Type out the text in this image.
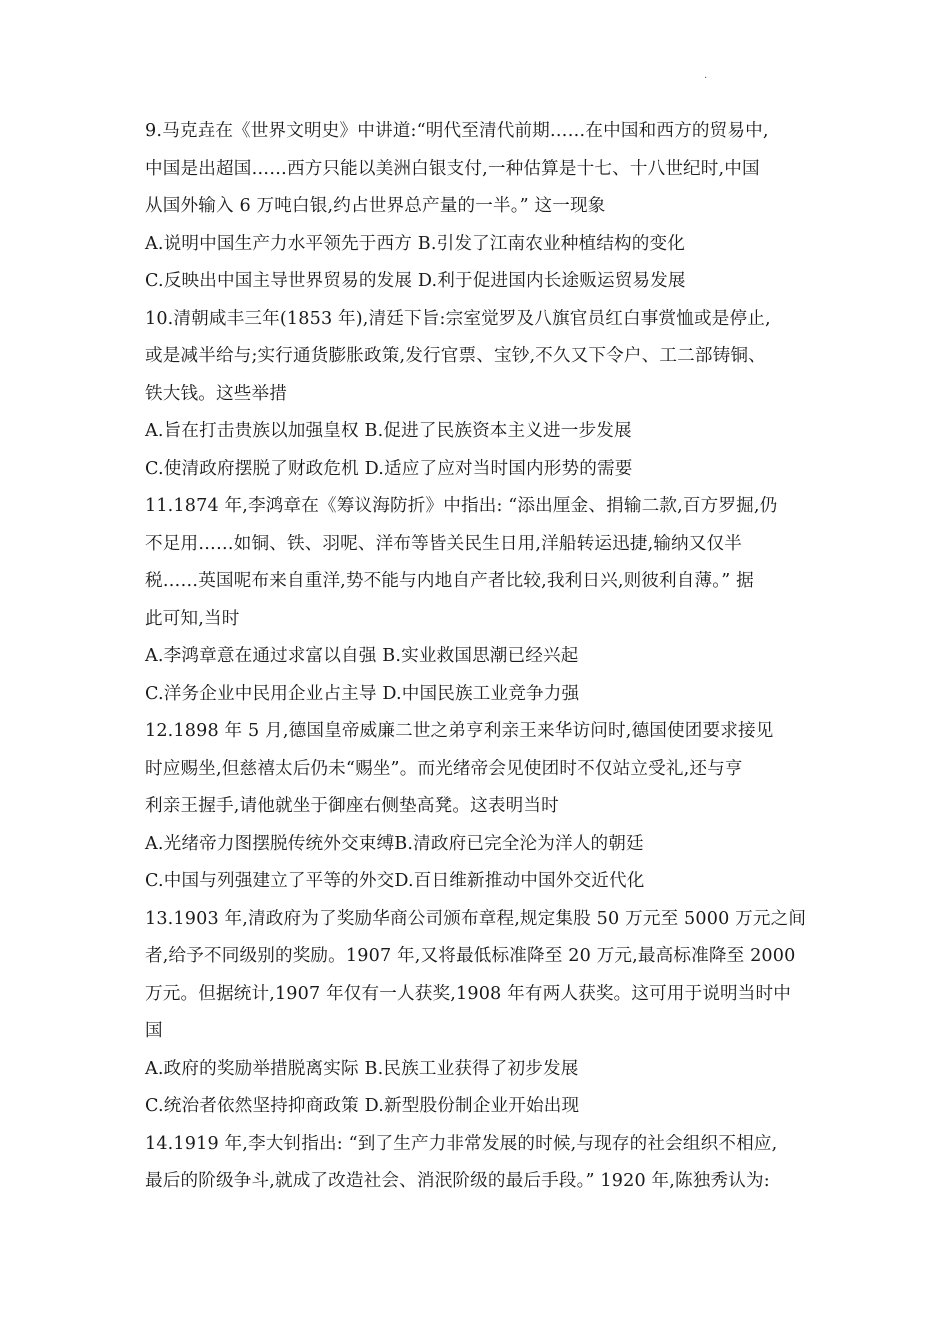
.
9.马克垚在《世界文明史》中讲道:“明代至清代前期……在中国和西方的贸易中,
中国是出超国……西方只能以美洲白银支付,一种估算是十七、十八世纪时,中国
从国外输入 6 万吨白银,约占世界总产量的一半。” 这一现象
A.说明中国生产力水平领先于西方 B.引发了江南农业种植结构的变化
C.反映出中国主导世界贸易的发展 D.利于促进国内长途贩运贸易发展
10.清朝咸丰三年(1853 年),清廷下旨:宗室觉罗及八旗官员红白事赏恤或是停止,
或是减半给与;实行通货膨胀政策,发行官票、宝钞,不久又下令户、工二部铸铜、
铁大钱。这些举措
A.旨在打击贵族以加强皇权 B.促进了民族资本主义进一步发展
C.使清政府摆脱了财政危机 D.适应了应对当时国内形势的需要
11.1874 年,李鸿章在《筹议海防折》中指出: “添出厘金、捐输二款,百方罗掘,仍
不足用……如铜、铁、羽呢、洋布等皆关民生日用,洋船转运迅捷,输纳又仅半
税……英国呢布来自重洋,势不能与内地自产者比较,我利日兴,则彼利自薄。” 据
此可知,当时
A.李鸿章意在通过求富以自强 B.实业救国思潮已经兴起
C.洋务企业中民用企业占主导 D.中国民族工业竞争力强
12.1898 年 5 月,德国皇帝威廉二世之弟亨利亲王来华访问时,德国使团要求接见
时应赐坐,但慈禧太后仍未“赐坐”。而光绪帝会见使团时不仅站立受礼,还与亨
利亲王握手,请他就坐于御座右侧垫高凳。这表明当时
A.光绪帝力图摆脱传统外交束缚B.清政府已完全沦为洋人的朝廷
C.中国与列强建立了平等的外交D.百日维新推动中国外交近代化
13.1903 年,清政府为了奖励华商公司颁布章程,规定集股 50 万元至 5000 万元之间
者,给予不同级别的奖励。1907 年,又将最低标准降至 20 万元,最高标准降至 2000
万元。但据统计,1907 年仅有一人获奖,1908 年有两人获奖。这可用于说明当时中
国
A.政府的奖励举措脱离实际 B.民族工业获得了初步发展
C.统治者依然坚持抑商政策 D.新型股份制企业开始出现
14.1919 年,李大钊指出: “到了生产力非常发展的时候,与现存的社会组织不相应,
最后的阶级争斗,就成了改造社会、消泯阶级的最后手段。” 1920 年,陈独秀认为:
